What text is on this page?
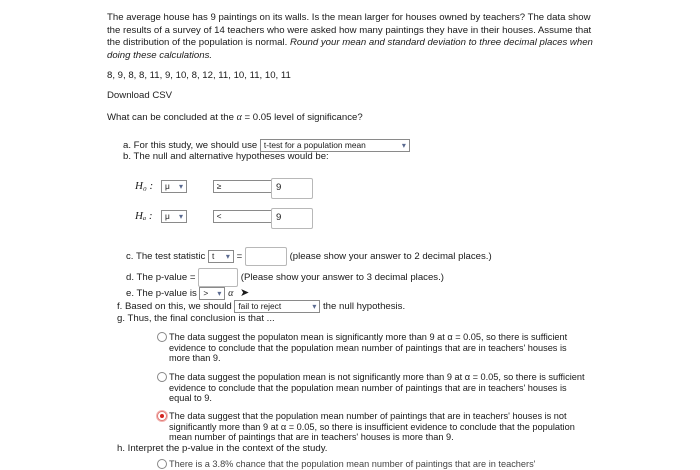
The average house has 9 paintings on its walls. Is the mean larger for houses owned by teachers? The data show the results of a survey of 14 teachers who were asked how many paintings they have in their houses. Assume that the distribution of the population is normal. Round your mean and standard deviation to three decimal places when doing these calculations.
8, 9, 8, 8, 11, 9, 10, 8, 12, 11, 10, 11, 10, 11
Download CSV
What can be concluded at the α = 0.05 level of significance?
a. For this study, we should use t-test for a population mean	▾
b. The null and alternative hypotheses would be:
H₀ : μ ▾	≥	9
Hₐ : μ ▾	<	9
c. The test statistic t ▾ =	(please show your answer to 2 decimal places.)
d. The p-value =	(Please show your answer to 3 decimal places.)
e. The p-value is > ▾ α ➤
f. Based on this, we should fail to reject	▾ the null hypothesis.
g. Thus, the final conclusion is that ...
The data suggest the populaton mean is significantly more than 9 at α = 0.05, so there is sufficient evidence to conclude that the population mean number of paintings that are in teachers' houses is more than 9.
The data suggest the population mean is not significantly more than 9 at α = 0.05, so there is sufficient evidence to conclude that the population mean number of paintings that are in teachers' houses is equal to 9.
The data suggest that the population mean number of paintings that are in teachers' houses is not significantly more than 9 at α = 0.05, so there is insufficient evidence to conclude that the population mean number of paintings that are in teachers' houses is more than 9.
h. Interpret the p-value in the context of the study.
There is a 3.8% chance that the population mean number of paintings that are in teachers'
